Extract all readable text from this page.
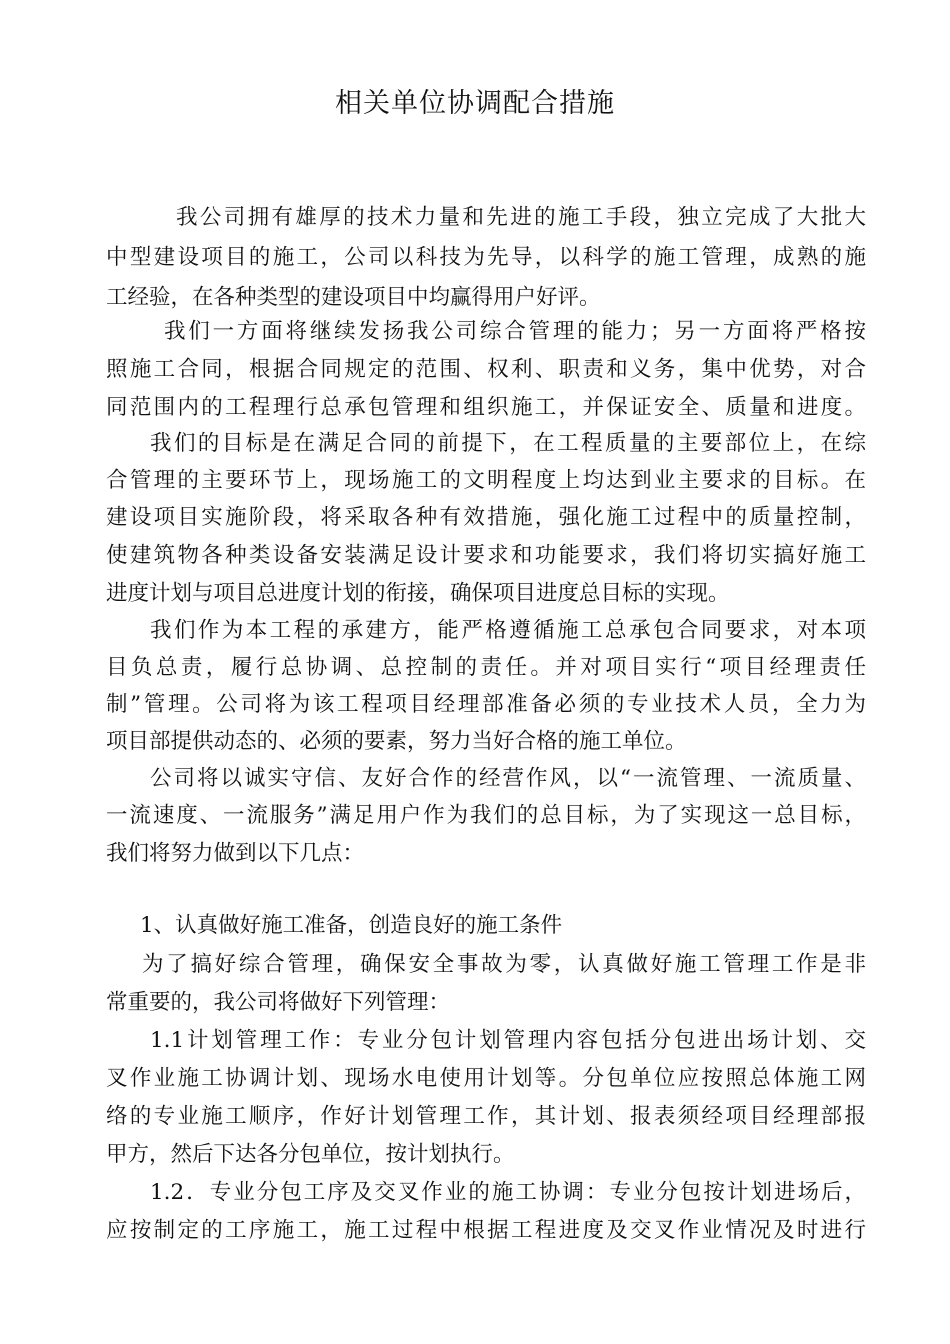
相关单位协调配合措施
我公司拥有雄厚的技术力量和先进的施工手段，独立完成了大批大
中型建设项目的施工，公司以科技为先导，以科学的施工管理，成熟的施
工经验，在各种类型的建设项目中均赢得用户好评。
我们一方面将继续发扬我公司综合管理的能力；另一方面将严格按
照施工合同，根据合同规定的范围、权利、职责和义务，集中优势，对合
同范围内的工程理行总承包管理和组织施工，并保证安全、质量和进度。
我们的目标是在满足合同的前提下，在工程质量的主要部位上，在综
合管理的主要环节上，现场施工的文明程度上均达到业主要求的目标。在
建设项目实施阶段，将采取各种有效措施，强化施工过程中的质量控制，
使建筑物各种类设备安装满足设计要求和功能要求，我们将切实搞好施工
进度计划与项目总进度计划的衔接，确保项目进度总目标的实现。
我们作为本工程的承建方，能严格遵循施工总承包合同要求，对本项
目负总责，履行总协调、总控制的责任。并对项目实行“项目经理责任
制”管理。公司将为该工程项目经理部准备必须的专业技术人员，全力为
项目部提供动态的、必须的要素，努力当好合格的施工单位。
公司将以诚实守信、友好合作的经营作风，以“一流管理、一流质量、
一流速度、一流服务”满足用户作为我们的总目标，为了实现这一总目标，
我们将努力做到以下几点：
1、认真做好施工准备，创造良好的施工条件
为了搞好综合管理，确保安全事故为零，认真做好施工管理工作是非
常重要的，我公司将做好下列管理：
1.1计划管理工作：专业分包计划管理内容包括分包进出场计划、交
叉作业施工协调计划、现场水电使用计划等。分包单位应按照总体施工网
络的专业施工顺序，作好计划管理工作，其计划、报表须经项目经理部报
甲方，然后下达各分包单位，按计划执行。
1.2．专业分包工序及交叉作业的施工协调：专业分包按计划进场后，
应按制定的工序施工，施工过程中根据工程进度及交叉作业情况及时进行
